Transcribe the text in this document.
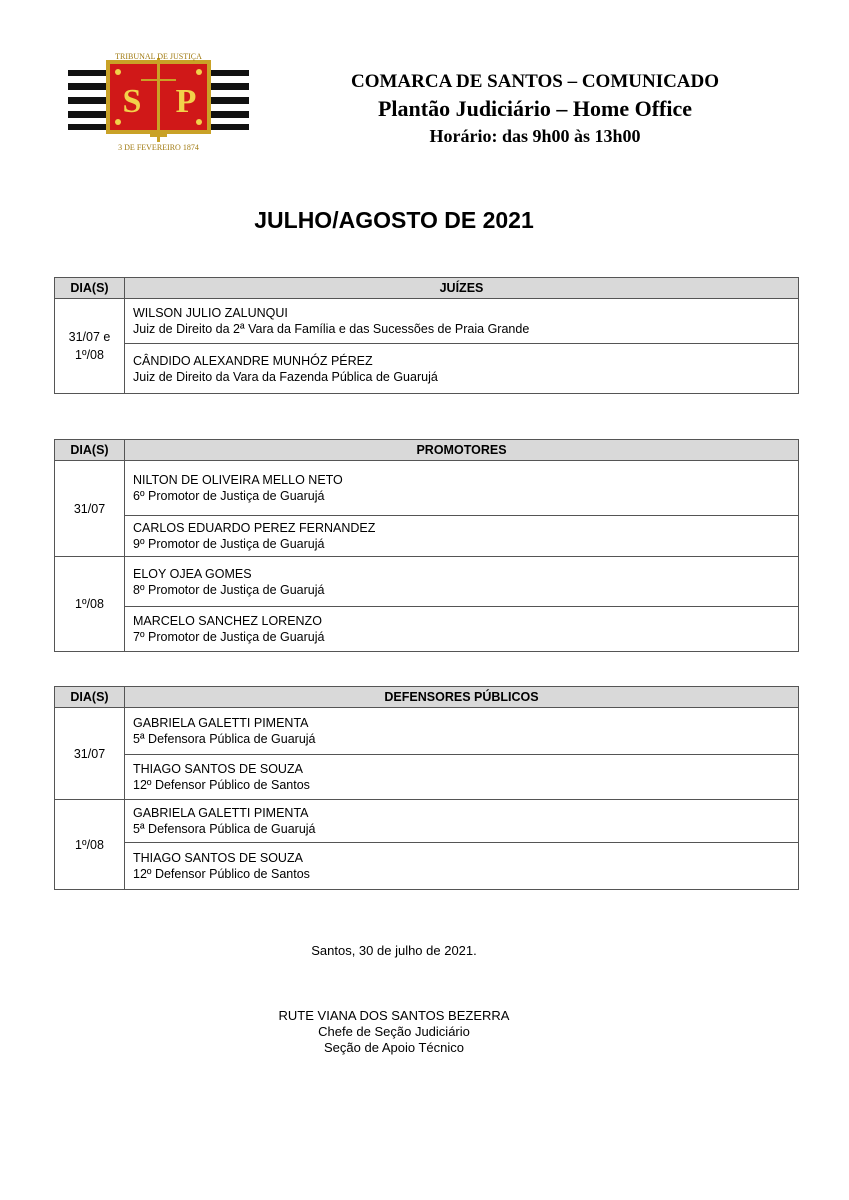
S P
TRIBUNAL DE JUSTIÇA
3 DE FEVEREIRO 1874
COMARCA DE SANTOS – COMUNICADO
Plantão Judiciário – Home Office
Horário: das 9h00 às 13h00
JULHO/AGOSTO DE 2021
DIA(S)	JUÍZES
31/07 e 1º/08	WILSON JULIO ZALUNQUI
Juiz de Direito da 2ª Vara da Família e das Sucessões de Praia Grande

	CÂNDIDO ALEXANDRE MUNHÓZ PÉREZ
Juiz de Direito da Vara da Fazenda Pública de Guarujá
DIA(S)	PROMOTORES
31/07	NILTON DE OLIVEIRA MELLO NETO
6º Promotor de Justiça de Guarujá

	CARLOS EDUARDO PEREZ FERNANDEZ
9º Promotor de Justiça de Guarujá

1º/08	ELOY OJEA GOMES
8º Promotor de Justiça de Guarujá

	MARCELO SANCHEZ LORENZO
7º Promotor de Justiça de Guarujá
DIA(S)	DEFENSORES PÚBLICOS
31/07	GABRIELA GALETTI PIMENTA
5ª Defensora Pública de Guarujá

	THIAGO SANTOS DE SOUZA
12º Defensor Público de Santos

1º/08	GABRIELA GALETTI PIMENTA
5ª Defensora Pública de Guarujá

	THIAGO SANTOS DE SOUZA
12º Defensor Público de Santos
Santos, 30 de julho de 2021.
RUTE VIANA DOS SANTOS BEZERRA
Chefe de Seção Judiciário
Seção de Apoio Técnico
